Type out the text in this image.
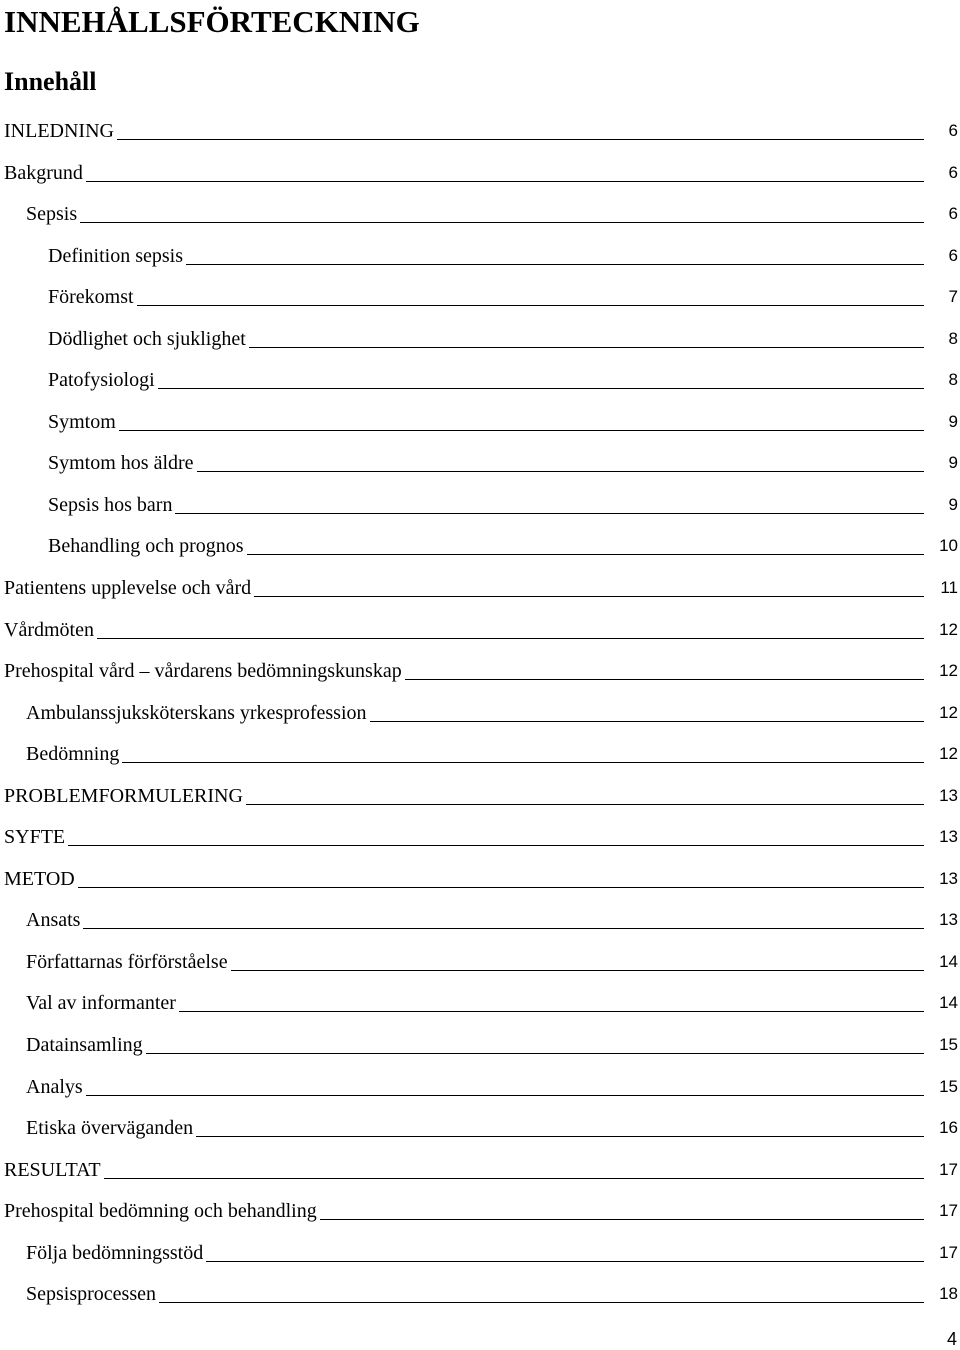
INNEHÅLLSFÖRTECKNING
Innehåll
INLEDNING	6
Bakgrund	6
Sepsis	6
Definition sepsis	6
Förekomst	7
Dödlighet och sjuklighet	8
Patofysiologi	8
Symtom	9
Symtom hos äldre	9
Sepsis hos barn	9
Behandling och prognos	10
Patientens upplevelse och vård	11
Vårdmöten	12
Prehospital vård – vårdarens bedömningskunskap	12
Ambulanssjuksköterskans yrkesprofession	12
Bedömning	12
PROBLEMFORMULERING	13
SYFTE	13
METOD	13
Ansats	13
Författarnas förförståelse	14
Val av informanter	14
Datainsamling	15
Analys	15
Etiska överväganden	16
RESULTAT	17
Prehospital bedömning och behandling	17
Följa bedömningsstöd	17
Sepsisprocessen	18
4
